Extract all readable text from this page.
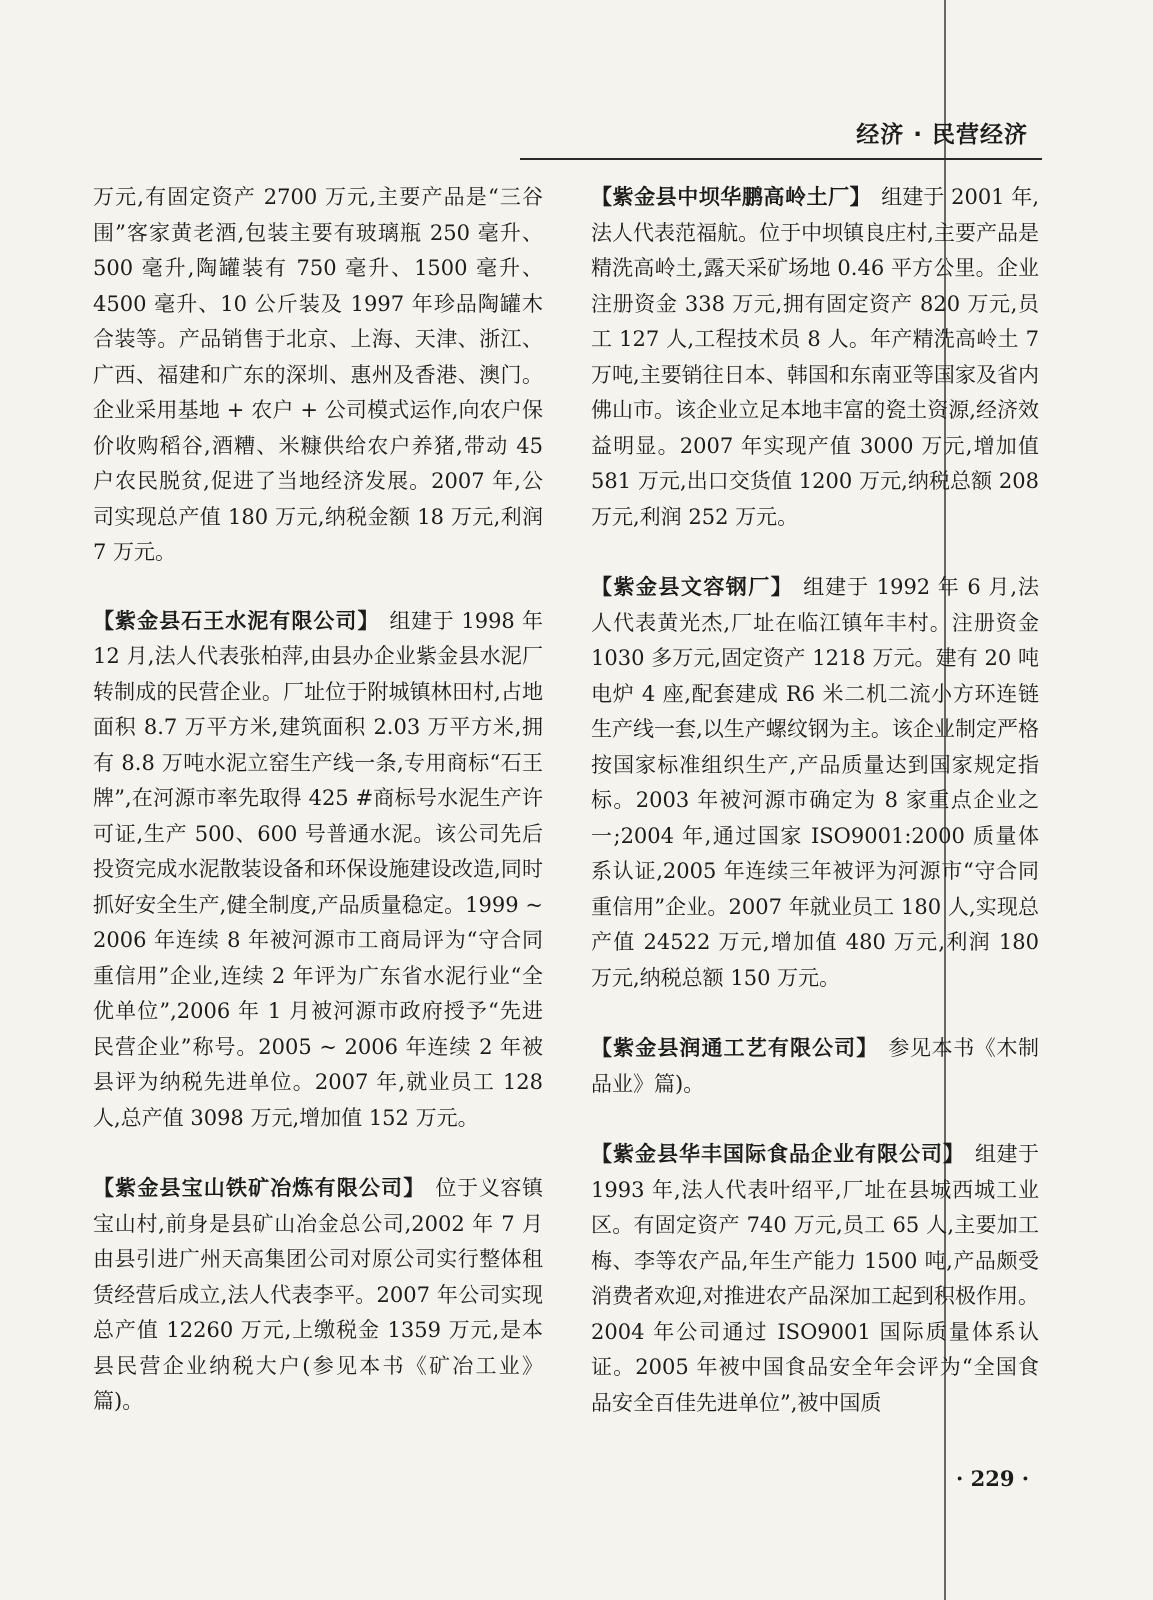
经济 · 民营经济

万元,有固定资产 2700 万元,主要产品是“三谷围”客家黄老酒,包装主要有玻璃瓶 250 毫升、500 毫升,陶罐装有 750 毫升、1500 毫升、4500 毫升、10 公斤装及 1997 年珍品陶罐木合装等。产品销售于北京、上海、天津、浙江、广西、福建和广东的深圳、惠州及香港、澳门。企业采用基地 + 农户 + 公司模式运作,向农户保价收购稻谷,酒糟、米糠供给农户养猪,带动 45 户农民脱贫,促进了当地经济发展。2007 年,公司实现总产值 180 万元,纳税金额 18 万元,利润 7 万元。

【紫金县石王水泥有限公司】 组建于 1998 年 12 月,法人代表张柏萍,由县办企业紫金县水泥厂转制成的民营企业。厂址位于附城镇林田村,占地面积 8.7 万平方米,建筑面积 2.03 万平方米,拥有 8.8 万吨水泥立窑生产线一条,专用商标“石王牌”,在河源市率先取得 425 #商标号水泥生产许可证,生产 500、600 号普通水泥。该公司先后投资完成水泥散装设备和环保设施建设改造,同时抓好安全生产,健全制度,产品质量稳定。1999 ~ 2006 年连续 8 年被河源市工商局评为“守合同重信用”企业,连续 2 年评为广东省水泥行业“全优单位”,2006 年 1 月被河源市政府授予“先进民营企业”称号。2005 ~ 2006 年连续 2 年被县评为纳税先进单位。2007 年,就业员工 128 人,总产值 3098 万元,增加值 152 万元。

【紫金县宝山铁矿冶炼有限公司】 位于义容镇宝山村,前身是县矿山冶金总公司,2002 年 7 月由县引进广州天高集团公司对原公司实行整体租赁经营后成立,法人代表李平。2007 年公司实现总产值 12260 万元,上缴税金 1359 万元,是本县民营企业纳税大户(参见本书《矿冶工业》篇)。

【紫金县中坝华鹏高岭土厂】 组建于 2001 年,法人代表范福航。位于中坝镇良庄村,主要产品是精洗高岭土,露天采矿场地 0.46 平方公里。企业注册资金 338 万元,拥有固定资产 820 万元,员工 127 人,工程技术员 8 人。年产精洗高岭土 7 万吨,主要销往日本、韩国和东南亚等国家及省内佛山市。该企业立足本地丰富的瓷土资源,经济效益明显。2007 年实现产值 3000 万元,增加值 581 万元,出口交货值 1200 万元,纳税总额 208 万元,利润 252 万元。

【紫金县文容钢厂】 组建于 1992 年 6 月,法人代表黄光杰,厂址在临江镇年丰村。注册资金 1030 多万元,固定资产 1218 万元。建有 20 吨电炉 4 座,配套建成 R6 米二机二流小方环连链生产线一套,以生产螺纹钢为主。该企业制定严格按国家标准组织生产,产品质量达到国家规定指标。2003 年被河源市确定为 8 家重点企业之一;2004 年,通过国家 ISO9001:2000 质量体系认证,2005 年连续三年被评为河源市“守合同重信用”企业。2007 年就业员工 180 人,实现总产值 24522 万元,增加值 480 万元,利润 180 万元,纳税总额 150 万元。

【紫金县润通工艺有限公司】 参见本书《木制品业》篇)。

【紫金县华丰国际食品企业有限公司】 组建于 1993 年,法人代表叶绍平,厂址在县城西城工业区。有固定资产 740 万元,员工 65 人,主要加工梅、李等农产品,年生产能力 1500 吨,产品颇受消费者欢迎,对推进农产品深加工起到积极作用。2004 年公司通过 ISO9001 国际质量体系认证。2005 年被中国食品安全年会评为“全国食品安全百佳先进单位”,被中国质

· 229 ·
